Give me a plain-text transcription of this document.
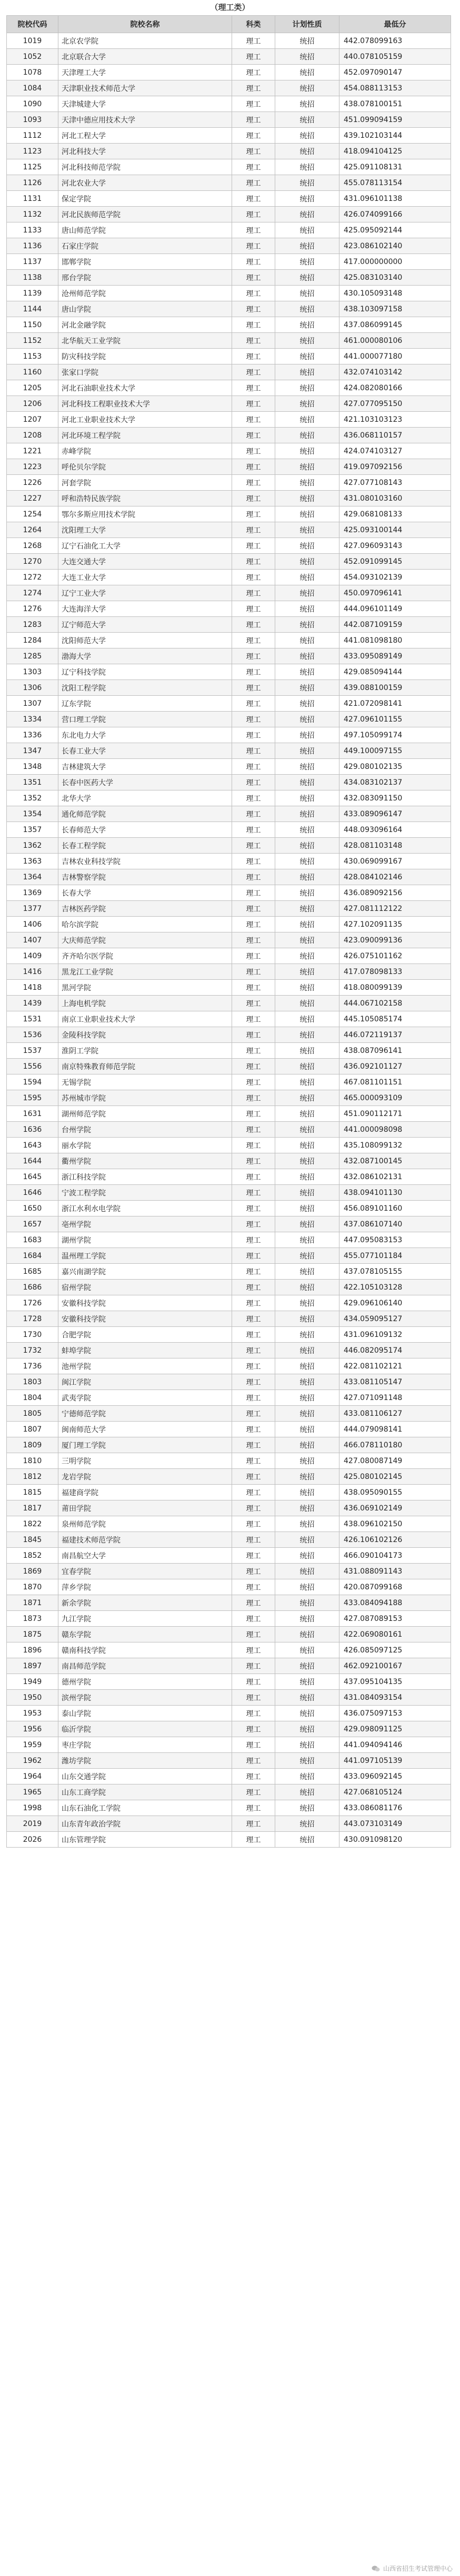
（理工类）
院校代码	院校名称	科类	计划性质	最低分
1019	北京农学院	理工	统招	442.078099163
1052	北京联合大学	理工	统招	440.078105159
1078	天津理工大学	理工	统招	452.097090147
1084	天津职业技术师范大学	理工	统招	454.088113153
1090	天津城建大学	理工	统招	438.078100151
1093	天津中德应用技术大学	理工	统招	451.099094159
1112	河北工程大学	理工	统招	439.102103144
1123	河北科技大学	理工	统招	418.094104125
1125	河北科技师范学院	理工	统招	425.091108131
1126	河北农业大学	理工	统招	455.078113154
1131	保定学院	理工	统招	431.096101138
1132	河北民族师范学院	理工	统招	426.074099166
1133	唐山师范学院	理工	统招	425.095092144
1136	石家庄学院	理工	统招	423.086102140
1137	邯郸学院	理工	统招	417.000000000
1138	邢台学院	理工	统招	425.083103140
1139	沧州师范学院	理工	统招	430.105093148
1144	唐山学院	理工	统招	438.103097158
1150	河北金融学院	理工	统招	437.086099145
1152	北华航天工业学院	理工	统招	461.000080106
1153	防灾科技学院	理工	统招	441.000077180
1160	张家口学院	理工	统招	432.074103142
1205	河北石油职业技术大学	理工	统招	424.082080166
1206	河北科技工程职业技术大学	理工	统招	427.077095150
1207	河北工业职业技术大学	理工	统招	421.103103123
1208	河北环境工程学院	理工	统招	436.068110157
1221	赤峰学院	理工	统招	424.074103127
1223	呼伦贝尔学院	理工	统招	419.097092156
1226	河套学院	理工	统招	427.077108143
1227	呼和浩特民族学院	理工	统招	431.080103160
1254	鄂尔多斯应用技术学院	理工	统招	429.068108133
1264	沈阳理工大学	理工	统招	425.093100144
1268	辽宁石油化工大学	理工	统招	427.096093143
1270	大连交通大学	理工	统招	452.091099145
1272	大连工业大学	理工	统招	454.093102139
1274	辽宁工业大学	理工	统招	450.097096141
1276	大连海洋大学	理工	统招	444.096101149
1283	辽宁师范大学	理工	统招	442.087109159
1284	沈阳师范大学	理工	统招	441.081098180
1285	渤海大学	理工	统招	433.095089149
1303	辽宁科技学院	理工	统招	429.085094144
1306	沈阳工程学院	理工	统招	439.088100159
1307	辽东学院	理工	统招	421.072098141
1334	营口理工学院	理工	统招	427.096101155
1336	东北电力大学	理工	统招	497.105099174
1347	长春工业大学	理工	统招	449.100097155
1348	吉林建筑大学	理工	统招	429.080102135
1351	长春中医药大学	理工	统招	434.083102137
1352	北华大学	理工	统招	432.083091150
1354	通化师范学院	理工	统招	433.089096147
1357	长春师范大学	理工	统招	448.093096164
1362	长春工程学院	理工	统招	428.081103148
1363	吉林农业科技学院	理工	统招	430.069099167
1364	吉林警察学院	理工	统招	428.084102146
1369	长春大学	理工	统招	436.089092156
1377	吉林医药学院	理工	统招	427.081112122
1406	哈尔滨学院	理工	统招	427.102091135
1407	大庆师范学院	理工	统招	423.090099136
1409	齐齐哈尔医学院	理工	统招	426.075101162
1416	黑龙江工业学院	理工	统招	417.078098133
1418	黑河学院	理工	统招	418.080099139
1439	上海电机学院	理工	统招	444.067102158
1531	南京工业职业技术大学	理工	统招	445.105085174
1536	金陵科技学院	理工	统招	446.072119137
1537	淮阴工学院	理工	统招	438.087096141
1556	南京特殊教育师范学院	理工	统招	436.092101127
1594	无锡学院	理工	统招	467.081101151
1595	苏州城市学院	理工	统招	465.000093109
1631	湖州师范学院	理工	统招	451.090112171
1636	台州学院	理工	统招	441.000098098
1643	丽水学院	理工	统招	435.108099132
1644	衢州学院	理工	统招	432.087100145
1645	浙江科技学院	理工	统招	432.086102131
1646	宁波工程学院	理工	统招	438.094101130
1650	浙江水利水电学院	理工	统招	456.089101160
1657	亳州学院	理工	统招	437.086107140
1683	湖州学院	理工	统招	447.095083153
1684	温州理工学院	理工	统招	455.077101184
1685	嘉兴南湖学院	理工	统招	437.078105155
1686	宿州学院	理工	统招	422.105103128
1726	安徽科技学院	理工	统招	429.096106140
1728	安徽科技学院	理工	统招	434.059095127
1730	合肥学院	理工	统招	431.096109132
1732	蚌埠学院	理工	统招	446.082095174
1736	池州学院	理工	统招	422.081102121
1803	闽江学院	理工	统招	433.081105147
1804	武夷学院	理工	统招	427.071091148
1805	宁德师范学院	理工	统招	433.081106127
1807	闽南师范大学	理工	统招	444.079098141
1809	厦门理工学院	理工	统招	466.078110180
1810	三明学院	理工	统招	427.080087149
1812	龙岩学院	理工	统招	425.080102145
1815	福建商学院	理工	统招	438.095090155
1817	莆田学院	理工	统招	436.069102149
1822	泉州师范学院	理工	统招	438.096102150
1845	福建技术师范学院	理工	统招	426.106102126
1852	南昌航空大学	理工	统招	466.090104173
1869	宜春学院	理工	统招	431.088091143
1870	萍乡学院	理工	统招	420.087099168
1871	新余学院	理工	统招	433.084094188
1873	九江学院	理工	统招	427.087089153
1875	赣东学院	理工	统招	422.069080161
1896	赣南科技学院	理工	统招	426.085097125
1897	南昌师范学院	理工	统招	462.092100167
1949	德州学院	理工	统招	437.095104135
1950	滨州学院	理工	统招	431.084093154
1953	泰山学院	理工	统招	436.075097153
1956	临沂学院	理工	统招	429.098091125
1959	枣庄学院	理工	统招	441.094094146
1962	潍坊学院	理工	统招	441.097105139
1964	山东交通学院	理工	统招	433.096092145
1965	山东工商学院	理工	统招	427.068105124
1998	山东石油化工学院	理工	统招	433.086081176
2019	山东青年政治学院	理工	统招	443.073103149
2026	山东管理学院	理工	统招	430.091098120
山西省招生考试管理中心
